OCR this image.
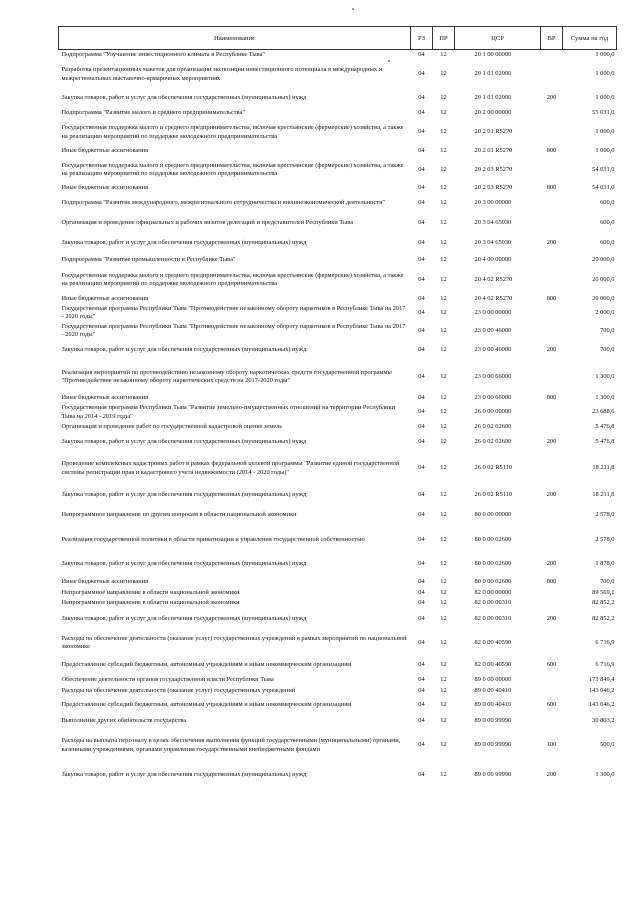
Наименование	РЗ	ПР	ЦСР	ВР	Сумма на год
Подпрограмма "Улучшение инвестиционного климата в Республике Тыва"	04	12	20 1 00 00000		1 000,0
Разработка презентационных макетов для организации экспозиции инвестиционного потенциала в международных и межрегиональных выставочно-ярмарочных мероприятиях	04	12	20 1 01 02000		1 000,0
Закупка товаров, работ и услуг для обеспечения государственных (муниципальных) нужд	04	12	20 1 01 02000	200	1 000,0
Подпрограмма "Развитие малого и среднего предпринимательства"	04	12	20 2 00 00000		55 031,0
Государственная поддержка малого и среднего предпринимательства, включая крестьянские (фермерские) хозяйства, а также на реализацию мероприятий по поддержке молодежного предпринимательства	04	12	20 2 01 R5270		1 000,0
Иные бюджетные ассигнования	04	12	20 2 01 R5270	800	1 000,0
Государственная поддержка малого и среднего предпринимательства, включая крестьянские (фермерские) хозяйства, а также на реализацию мероприятий по поддержке молодежного предпринимательства	04	12	20 2 03 R5270		54 031,0
Иные бюджетные ассигнования	04	12	20 2 03 R5270	800	54 031,0
Подпрограмма "Развитие международного, межрегионального сотрудничества и внешнеэкономической деятельности"	04	12	20 3 00 00000		600,0
Организация и проведение официальных и рабочих визитов делегаций и представителей Республики Тыва	04	12	20 3 04 65030		600,0
Закупка товаров, работ и услуг для обеспечения государственных (муниципальных) нужд	04	12	20 3 04 65030	200	600,0
Подпрограмма "Развитие промышленности в Республике Тыва"	04	12	20 4 00 00000		20 000,0
Государственная поддержка малого и среднего предпринимательства, включая крестьянские (фермерские) хозяйства, а также на реализацию мероприятий по поддержке молодежного предпринимательства	04	12	20 4 02 R5270		20 000,0
Иные бюджетные ассигнования	04	12	20 4 02 R5270	800	20 000,0
Государственная программа Республики Тыва "Противодействие незаконному обороту наркотиков в Республике Тыва на 2017 - 2020 годы"	04	12	23 0 00 00000		2 000,0
Государственная программа Республики Тыва "Противодействие незаконному обороту наркотиков в Республике Тыва на 2017 - 2020 годы"	04	12	23 0 00 46000		700,0
Закупка товаров, работ и услуг для обеспечения государственных (муниципальных) нужд	04	12	23 0 00 46000	200	700,0
Реализация мероприятий по противодействию незаконному обороту наркотических средств государственной программы "Противодействие незаконному обороту наркотических средств на 2017-2020 годы"	04	12	23 0 00 66000		1 300,0
Иные бюджетные ассигнования	04	12	23 0 00 66000	800	1 300,0
Государственная программа Республики Тыва "Развитие земельно-имущественных отношений на территории Республики Тыва на 2014 - 2019 годы"	04	12	26 0 00 00000		23 688,6
Организация и проведение работ по государственной кадастровой оценке земель	04	12	26 0 02 02600		5 476,8
Закупка товаров, работ и услуг для обеспечения государственных (муниципальных) нужд	04	12	26 0 02 02600	200	5 476,8
Проведение комплексных кадастровых работ в рамках федеральной целевой программы "Развитие единой государственной системы регистрации прав и кадастрового учета недвижимости (2014 - 2020 годы)"	04	12	26 0 02 R5110		18 211,8
Закупка товаров, работ и услуг для обеспечения государственных (муниципальных) нужд	04	12	26 0 02 R5110	200	18 211,8
Непрограммное направление по другим вопросам в области национальной экономики	04	12	80 0 00 00000		2 578,0
Реализация государственной политики в области приватизации и управления государственной собственностью	04	12	80 0 00 02600		2 578,0
Закупка товаров, работ и услуг для обеспечения государственных (муниципальных) нужд	04	12	80 0 00 02600	200	1 878,0
Иные бюджетные ассигнования	04	12	80 0 00 02600	800	700,0
Непрограммное направление в области национальной экономики	04	12	82 0 00 00000		89 569,1
Непрограммное направление в области национальной экономики	04	12	82 0 00 00310		82 852,2
Закупка товаров, работ и услуг для обеспечения государственных (муниципальных) нужд	04	12	82 0 00 00310	200	82 852,2
Расходы на обеспечение деятельности (оказание услуг) государственных учреждений в рамках мероприятий по национальной экономике	04	12	82 0 00 40590		6 716,9
Предоставление субсидий бюджетным, автономным учреждениям и иным некоммерческим организациям	04	12	82 0 00 40590	600	6 716,9
Обеспечение деятельности органов государственной власти Республики Тыва	04	12	89 0 00 00000		173 849,4
Расходы на обеспечение деятельности (оказание услуг) государственных учреждений	04	12	89 0 00 40410		143 046,2
Предоставление субсидий бюджетным, автономным учреждениям и иным некоммерческим организациям	04	12	89 0 00 40410	600	143 046,2
Выполнение других обязательств государства	04	12	89 0 00 99990		30 803,2
Расходы на выплаты персоналу в целях обеспечения выполнения функций государственными (муниципальными) органами, казенными учреждениями, органами управления государственными внебюджетными фондами	04	12	89 0 00 99990	100	500,0
Закупка товаров, работ и услуг для обеспечения государственных (муниципальных) нужд	04	12	89 0 00 99990	200	1 300,0
